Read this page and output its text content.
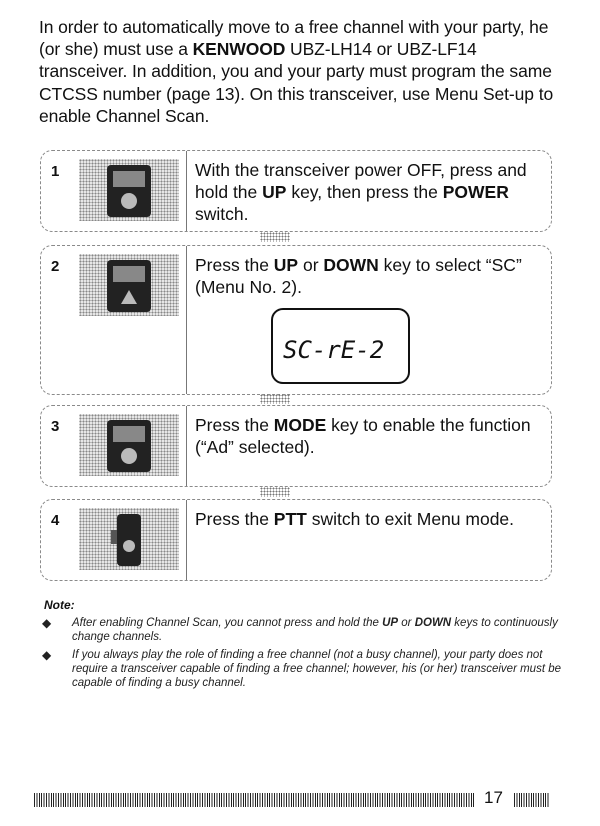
In order to automatically move to a free channel with your party, he (or she) must use a KENWOOD UBZ-LH14 or UBZ-LF14 transceiver. In addition, you and your party must program the same CTCSS number (page 13). On this transceiver, use Menu Set-up to enable Channel Scan.
1	With the transceiver power OFF, press and hold the UP key, then press the POWER switch.
2	Press the UP or DOWN key to select “SC” (Menu No. 2).
SC-rE-2
3	Press the MODE key to enable the function (“Ad” selected).
4	Press the PTT switch to exit Menu mode.
Note:
◆ After enabling Channel Scan, you cannot press and hold the UP or DOWN keys to continuously change channels.
◆ If you always play the role of finding a free channel (not a busy channel), your party does not require a transceiver capable of finding a free channel; however, his (or her) transceiver must be capable of finding a busy channel.
17
